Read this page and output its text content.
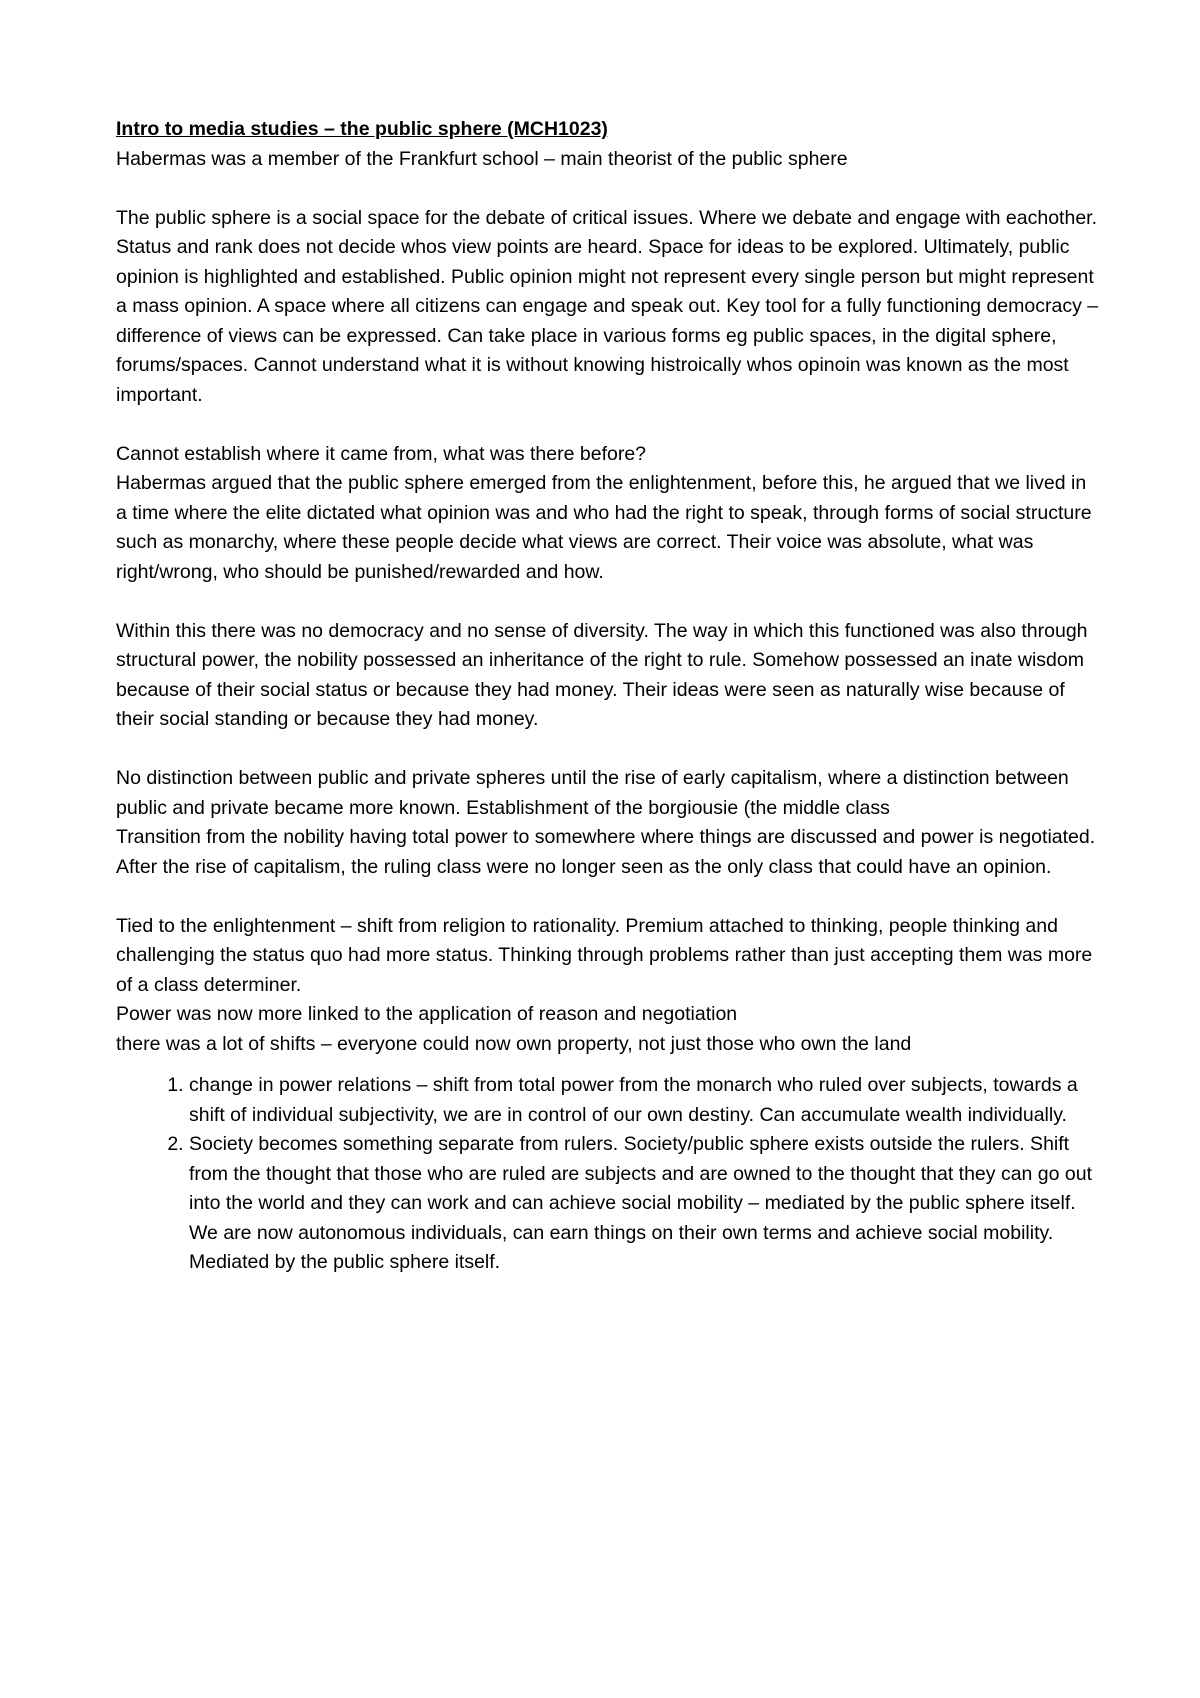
Intro to media studies – the public sphere (MCH1023)

Habermas was a member of the Frankfurt school – main theorist of the public sphere

The public sphere is a social space for the debate of critical issues. Where we debate and engage with eachother. Status and rank does not decide whos view points are heard. Space for ideas to be explored. Ultimately, public opinion is highlighted and established. Public opinion might not represent every single person but might represent a mass opinion. A space where all citizens can engage and speak out. Key tool for a fully functioning democracy – difference of views can be expressed. Can take place in various forms eg public spaces, in the digital sphere, forums/spaces. Cannot understand what it is without knowing histroically whos opinoin was known as the most important.

Cannot establish where it came from, what was there before?

Habermas argued that the public sphere emerged from the enlightenment, before this, he argued that we lived in a time where the elite dictated what opinion was and who had the right to speak, through forms of social structure such as monarchy, where these people decide what views are correct. Their voice was absolute, what was right/wrong, who should be punished/rewarded and how.

Within this there was no democracy and no sense of diversity. The way in which this functioned was also through structural power, the nobility possessed an inheritance of the right to rule. Somehow possessed an inate wisdom because of their social status or because they had money. Their ideas were seen as naturally wise because of their social standing or because they had money.

No distinction between public and private spheres until the rise of early capitalism, where a distinction between public and private became more known. Establishment of the borgiousie (the middle class

Transition from the nobility having total power to somewhere where things are discussed and power is negotiated. After the rise of capitalism, the ruling class were no longer seen as the only class that could have an opinion.

Tied to the enlightenment – shift from religion to rationality. Premium attached to thinking, people thinking and challenging the status quo had more status. Thinking through problems rather than just accepting them was more of a class determiner.

Power was now more linked to the application of reason and negotiation

there was a lot of shifts – everyone could now own property, not just those who own the land

1. change in power relations – shift from total power from the monarch who ruled over subjects, towards a shift of individual subjectivity, we are in control of our own destiny. Can accumulate wealth individually.
2. Society becomes something separate from rulers. Society/public sphere exists outside the rulers. Shift from the thought that those who are ruled are subjects and are owned to the thought that they can go out into the world and they can work and can achieve social mobility – mediated by the public sphere itself. We are now autonomous individuals, can earn things on their own terms and achieve social mobility. Mediated by the public sphere itself.
